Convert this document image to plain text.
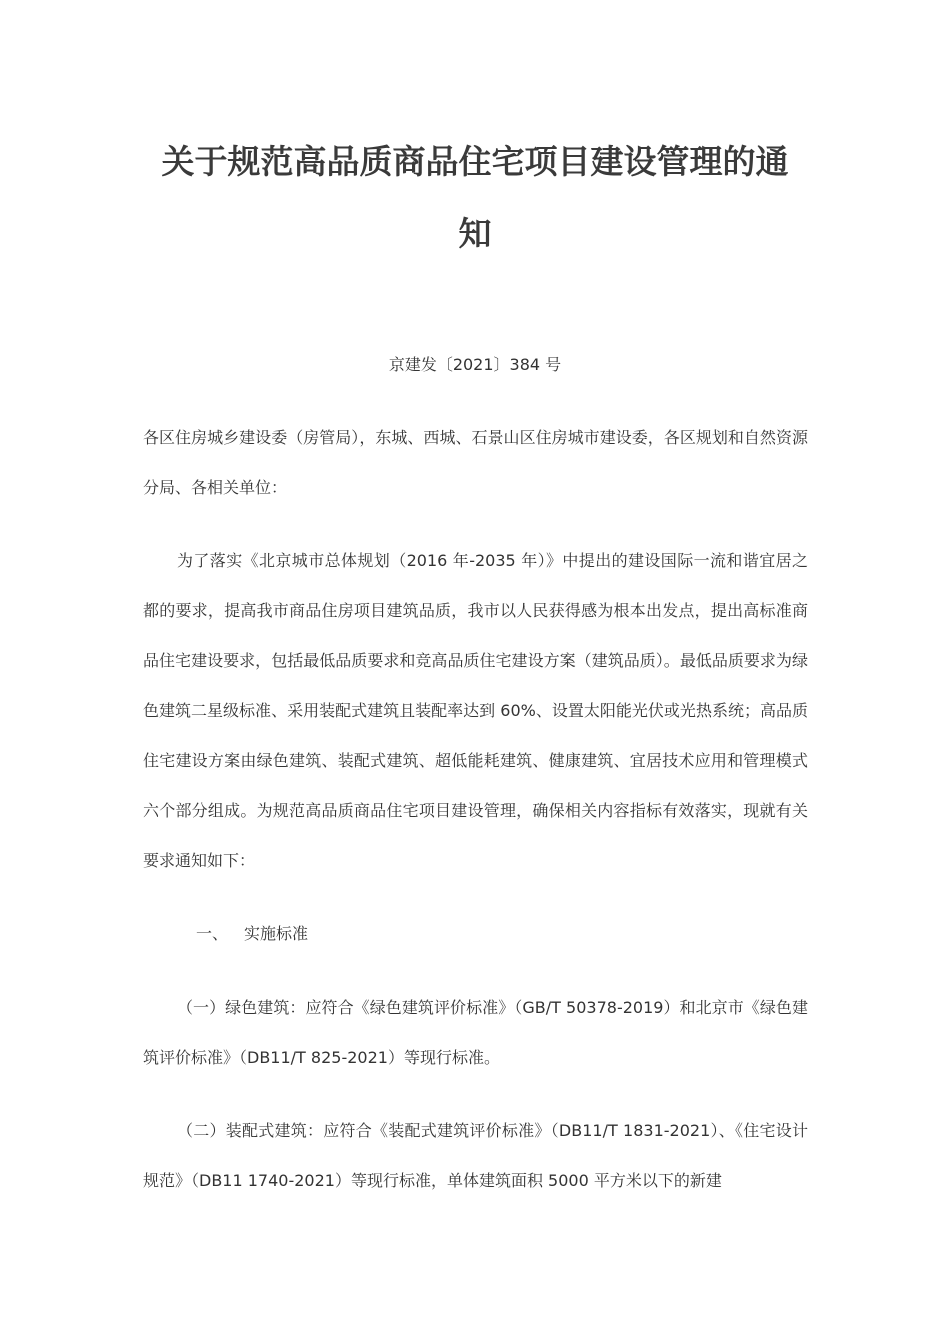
关于规范高品质商品住宅项目建设管理的通
知
京建发〔2021〕384 号
各区住房城乡建设委（房管局），东城、西城、石景山区住房城市建设委，各区规划和自然资源分局、各相关单位：
为了落实《北京城市总体规划（2016 年-2035 年）》中提出的建设国际一流和谐宜居之都的要求，提高我市商品住房项目建筑品质，我市以人民获得感为根本出发点，提出高标准商品住宅建设要求，包括最低品质要求和竞高品质住宅建设方案（建筑品质）。最低品质要求为绿色建筑二星级标准、采用装配式建筑且装配率达到 60%、设置太阳能光伏或光热系统；高品质住宅建设方案由绿色建筑、装配式建筑、超低能耗建筑、健康建筑、宜居技术应用和管理模式六个部分组成。为规范高品质商品住宅项目建设管理，确保相关内容指标有效落实，现就有关要求通知如下：
一、 实施标准
（一）绿色建筑：应符合《绿色建筑评价标准》（GB/T 50378-2019）和北京市《绿色建筑评价标准》（DB11/T 825-2021）等现行标准。
（二）装配式建筑：应符合《装配式建筑评价标准》（DB11/T 1831-2021）、《住宅设计规范》（DB11 1740-2021）等现行标准，单体建筑面积 5000 平方米以下的新建
